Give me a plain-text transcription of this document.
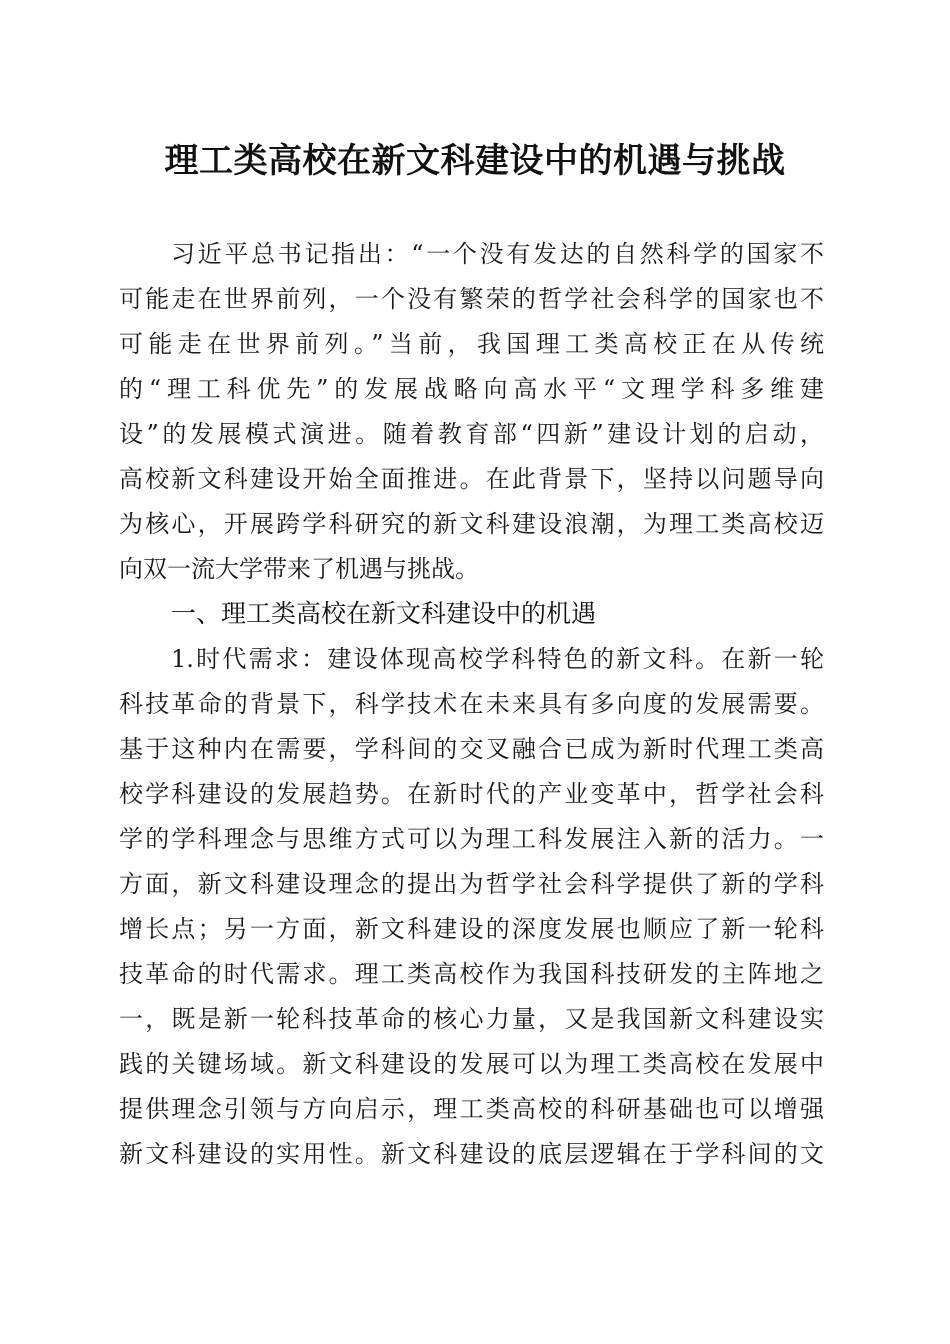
理工类高校在新文科建设中的机遇与挑战
习近平总书记指出：“一个没有发达的自然科学的国家不
可能走在世界前列，一个没有繁荣的哲学社会科学的国家也不
可能走在世界前列。”当前，我国理工类高校正在从传统
的“理工科优先”的发展战略向高水平“文理学科多维建
设”的发展模式演进。随着教育部“四新”建设计划的启动，
高校新文科建设开始全面推进。在此背景下，坚持以问题导向
为核心，开展跨学科研究的新文科建设浪潮，为理工类高校迈
向双一流大学带来了机遇与挑战。
一、理工类高校在新文科建设中的机遇
1.时代需求：建设体现高校学科特色的新文科。在新一轮
科技革命的背景下，科学技术在未来具有多向度的发展需要。
基于这种内在需要，学科间的交叉融合已成为新时代理工类高
校学科建设的发展趋势。在新时代的产业变革中，哲学社会科
学的学科理念与思维方式可以为理工科发展注入新的活力。一
方面，新文科建设理念的提出为哲学社会科学提供了新的学科
增长点；另一方面，新文科建设的深度发展也顺应了新一轮科
技革命的时代需求。理工类高校作为我国科技研发的主阵地之
一，既是新一轮科技革命的核心力量，又是我国新文科建设实
践的关键场域。新文科建设的发展可以为理工类高校在发展中
提供理念引领与方向启示，理工类高校的科研基础也可以增强
新文科建设的实用性。新文科建设的底层逻辑在于学科间的文
